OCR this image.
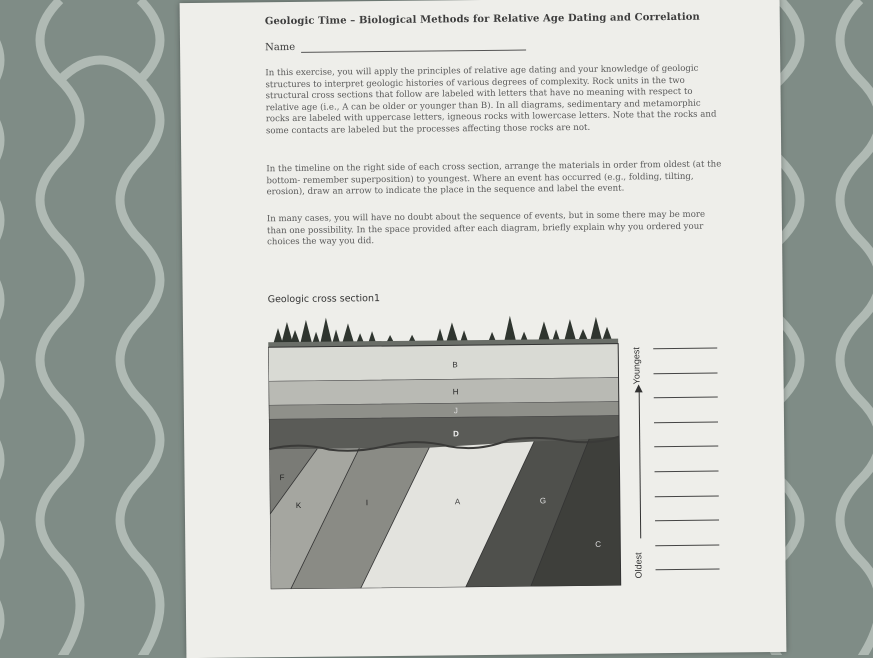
Geologic Time – Biological Methods for Relative Age Dating and Correlation
Name
In this exercise, you will apply the principles of relative age dating and your knowledge of geologic structures to interpret geologic histories of various degrees of complexity. Rock units in the two structural cross sections that follow are labeled with letters that have no meaning with respect to relative age (i.e., A can be older or younger than B). In all diagrams, sedimentary and metamorphic rocks are labeled with uppercase letters, igneous rocks with lowercase letters. Note that the rocks and some contacts are labeled but the processes affecting those rocks are not.
In the timeline on the right side of each cross section, arrange the materials in order from oldest (at the bottom- remember superposition) to youngest. Where an event has occurred (e.g., folding, tilting, erosion), draw an arrow to indicate the place in the sequence and label the event.
In many cases, you will have no doubt about the sequence of events, but in some there may be more than one possibility. In the space provided after each diagram, briefly explain why you ordered your choices the way you did.
Geologic cross section1
B
H
J
D
F
K	I	A	G
C
Youngest
Oldest
